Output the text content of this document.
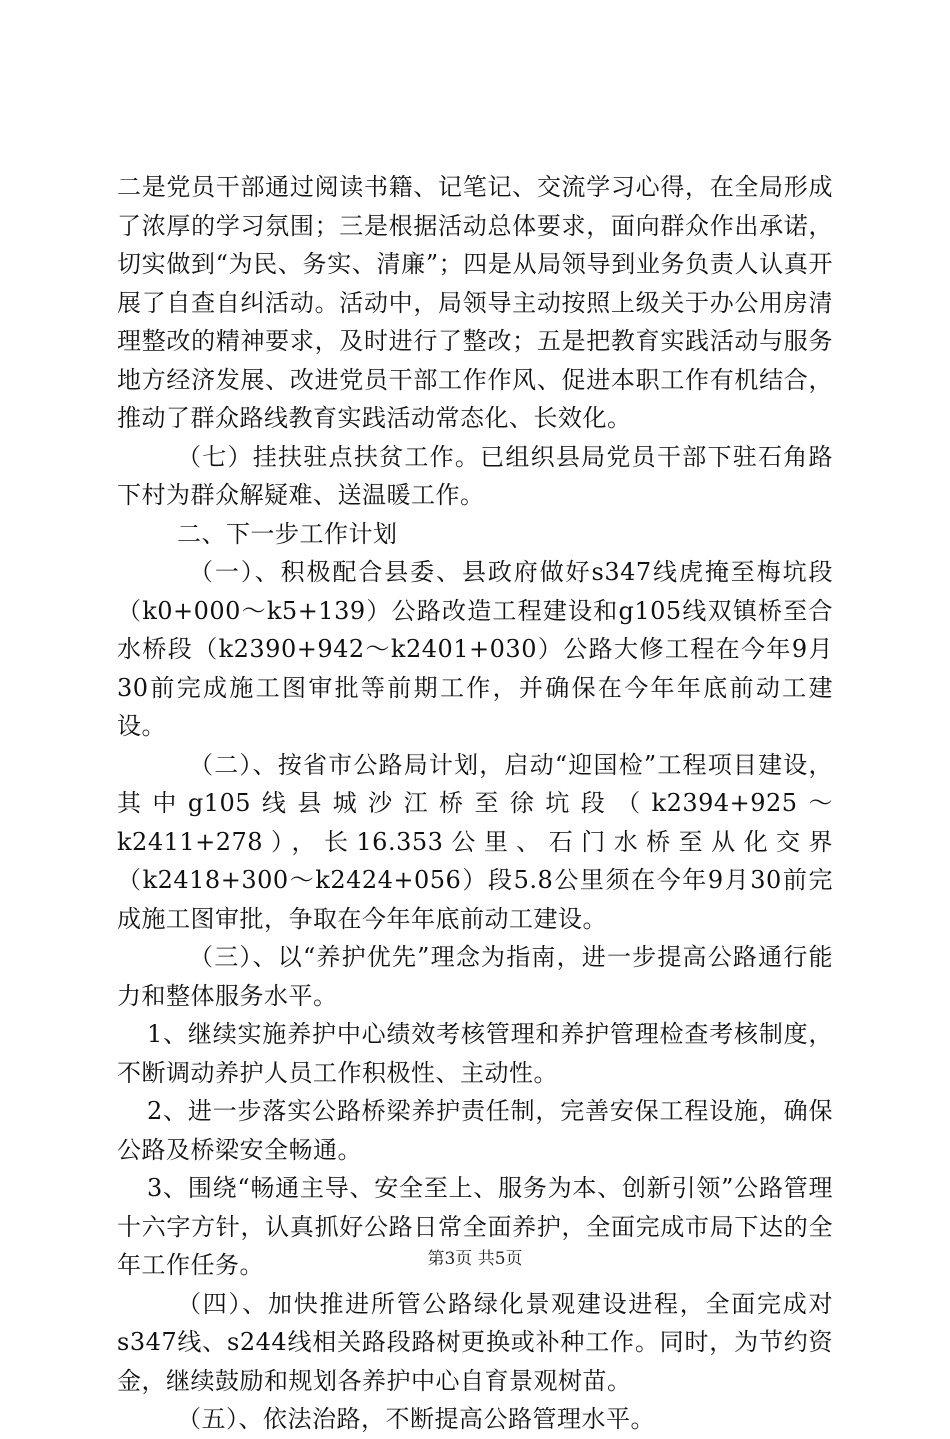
二是党员干部通过阅读书籍、记笔记、交流学习心得，在全局形成了浓厚的学习氛围；三是根据活动总体要求，面向群众作出承诺，切实做到“为民、务实、清廉”；四是从局领导到业务负责人认真开展了自查自纠活动。活动中，局领导主动按照上级关于办公用房清理整改的精神要求，及时进行了整改；五是把教育实践活动与服务地方经济发展、改进党员干部工作作风、促进本职工作有机结合，推动了群众路线教育实践活动常态化、长效化。

（七）挂扶驻点扶贫工作。已组织县局党员干部下驻石角路下村为群众解疑难、送温暖工作。

二、下一步工作计划

（一）、积极配合县委、县政府做好s347线虎掩至梅坑段（k0+000～k5+139）公路改造工程建设和g105线双镇桥至合水桥段（k2390+942～k2401+030）公路大修工程在今年9月30前完成施工图审批等前期工作，并确保在今年年底前动工建设。

（二）、按省市公路局计划，启动“迎国检”工程项目建设，其中g105线县城沙江桥至徐坑段（k2394+925～k2411+278），长16.353公里、石门水桥至从化交界（k2418+300～k2424+056）段5.8公里须在今年9月30前完成施工图审批，争取在今年年底前动工建设。

（三）、以“养护优先”理念为指南，进一步提高公路通行能力和整体服务水平。

1、继续实施养护中心绩效考核管理和养护管理检查考核制度，不断调动养护人员工作积极性、主动性。

2、进一步落实公路桥梁养护责任制，完善安保工程设施，确保公路及桥梁安全畅通。

3、围绕“畅通主导、安全至上、服务为本、创新引领”公路管理十六字方针，认真抓好公路日常全面养护，全面完成市局下达的全年工作任务。

（四）、加快推进所管公路绿化景观建设进程，全面完成对s347线、s244线相关路段路树更换或补种工作。同时，为节约资金，继续鼓励和规划各养护中心自育景观树苗。

（五）、依法治路，不断提高公路管理水平。

第3页 共5页
